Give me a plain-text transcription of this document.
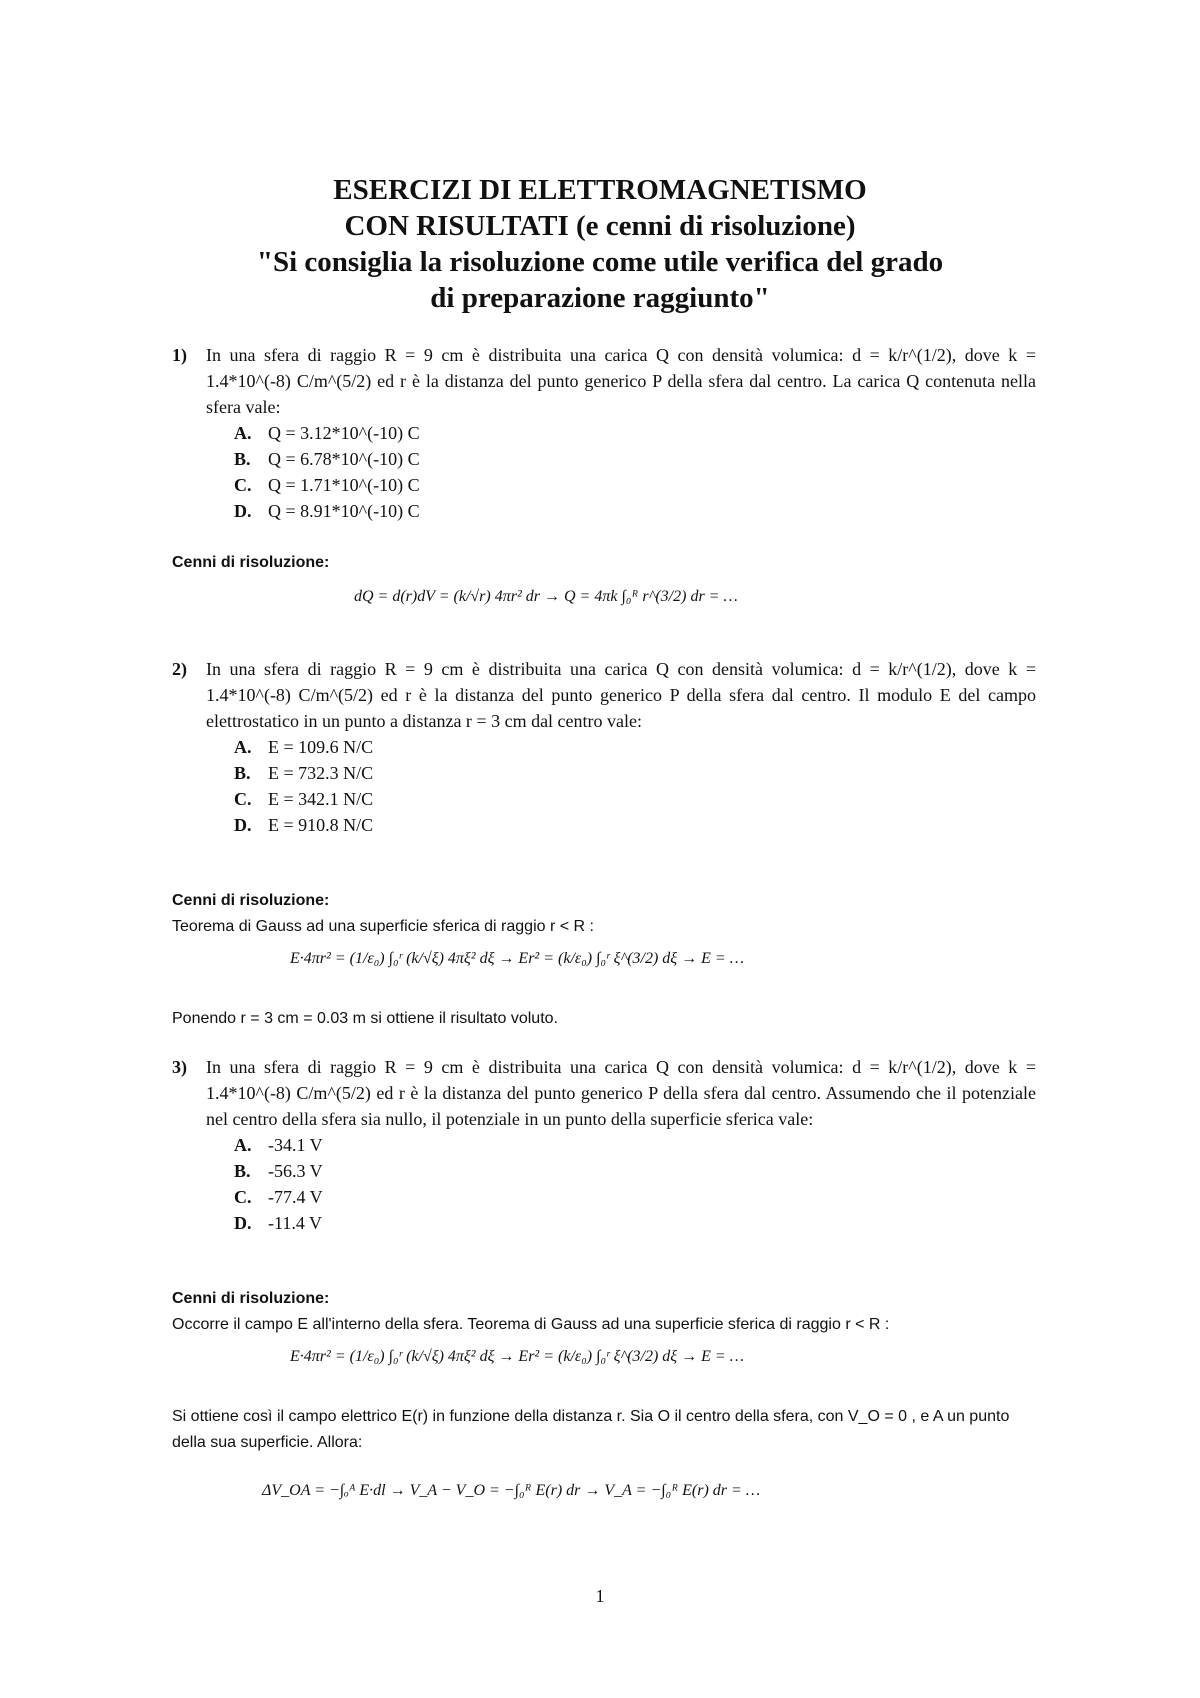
ESERCIZI DI ELETTROMAGNETISMO
CON RISULTATI (e cenni di risoluzione)
"Si consiglia la risoluzione come utile verifica del grado
di preparazione raggiunto"
1) In una sfera di raggio R = 9 cm è distribuita una carica Q con densità volumica: d = k/r^(1/2), dove k = 1.4*10^(-8) C/m^(5/2) ed r è la distanza del punto generico P della sfera dal centro. La carica Q contenuta nella sfera vale:
A. Q = 3.12*10^(-10) C
B. Q = 6.78*10^(-10) C
C. Q = 1.71*10^(-10) C
D. Q = 8.91*10^(-10) C

Cenni di risoluzione:

dQ = d(r)dV = (k/√r) 4πr² dr → Q = 4πk ∫₀ᴿ r^(3/2) dr = …
2) In una sfera di raggio R = 9 cm è distribuita una carica Q con densità volumica: d = k/r^(1/2), dove k = 1.4*10^(-8) C/m^(5/2) ed r è la distanza del punto generico P della sfera dal centro. Il modulo E del campo elettrostatico in un punto a distanza r = 3 cm dal centro vale:
A. E = 109.6 N/C
B. E = 732.3 N/C
C. E = 342.1 N/C
D. E = 910.8 N/C

Cenni di risoluzione:

Teorema di Gauss ad una superficie sferica di raggio r < R :

E·4πr² = (1/ε₀) ∫₀ʳ (k/√ξ) 4πξ² dξ → Er² = (k/ε₀) ∫₀ʳ ξ^(3/2) dξ → E = …

Ponendo r = 3 cm = 0.03 m si ottiene il risultato voluto.

3) In una sfera di raggio R = 9 cm è distribuita una carica Q con densità volumica: d = k/r^(1/2), dove k = 1.4*10^(-8) C/m^(5/2) ed r è la distanza del punto generico P della sfera dal centro. Assumendo che il potenziale nel centro della sfera sia nullo, il potenziale in un punto della superficie sferica vale:
A. -34.1 V
B. -56.3 V
C. -77.4 V
D. -11.4 V

Cenni di risoluzione:

Occorre il campo E all'interno della sfera. Teorema di Gauss ad una superficie sferica di raggio r < R :

E·4πr² = (1/ε₀) ∫₀ʳ (k/√ξ) 4πξ² dξ → Er² = (k/ε₀) ∫₀ʳ ξ^(3/2) dξ → E = …

Si ottiene così il campo elettrico E(r) in funzione della distanza r. Sia O il centro della sfera, con V_O = 0 , e A un punto della sua superficie. Allora:

ΔV_OA = −∫ₒᴬ E·dl → V_A − V_O = −∫₀ᴿ E(r) dr → V_A = −∫₀ᴿ E(r) dr = …
1
